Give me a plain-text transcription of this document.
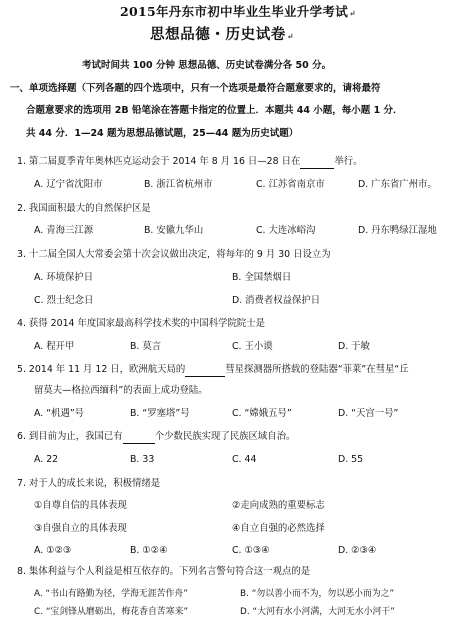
2015年丹东市初中毕业生毕业升学考试↵
思想品德・历史试卷↵
考试时间共 100 分钟 思想品德、历史试卷满分各 50 分。
一、单项选择题（下列各题的四个选项中，只有一个选项是最符合题意要求的，请将最符
合题意要求的选项用 2B 铅笔涂在答题卡指定的位置上．本题共 44 小题，每小题 1 分．
共 44 分．1—24 题为思想品德试题，25—44 题为历史试题）
1. 第二届夏季青年奥林匹克运动会于 2014 年 8 月 16 日—28 日在	举行。
A. 辽宁省沈阳市	B. 浙江省杭州市	C. 江苏省南京市	D. 广东省广州市。
2. 我国面积最大的自然保护区是
A. 青海三江源	B. 安徽九华山	C. 大连冰峪沟	D. 丹东鸭绿江湿地
3. 十二届全国人大常委会第十次会议做出决定，将每年的 9 月 30 日设立为
A. 环境保护日	B. 全国禁烟日
C. 烈士纪念日	D. 消费者权益保护日
4. 获得 2014 年度国家最高科学技术奖的中国科学院院士是
A. 程开甲	B. 莫言	C. 王小谟	D. 于敏
5. 2014 年 11 月 12 日，欧洲航天局的	彗星探测器所搭载的登陆器“菲莱”在彗星“丘
留莫夫—格拉西缅科”的表面上成功登陆。
A. “机遇”号	B. “罗塞塔”号	C. “嫦娥五号”	D. “天宫一号”
6. 到目前为止，我国已有	个少数民族实现了民族区域自治。
A. 22	B. 33	C. 44	D. 55
7. 对于人的成长来说，积极情绪是
①自尊自信的具体表现	②走向成熟的重要标志
③自强自立的具体表现	④自立自强的必然选择
A. ①②③	B. ①②④	C. ①③④	D. ②③④
8. 集体利益与个人利益是相互依存的。下列名言警句符合这一观点的是
A. “书山有路勤为径，学海无涯苦作舟”	B. “勿以善小而不为，勿以恶小而为之”
C. “宝剑锋从磨砺出，梅花香自苦寒来”	D. “大河有水小河满，大河无水小河干”
